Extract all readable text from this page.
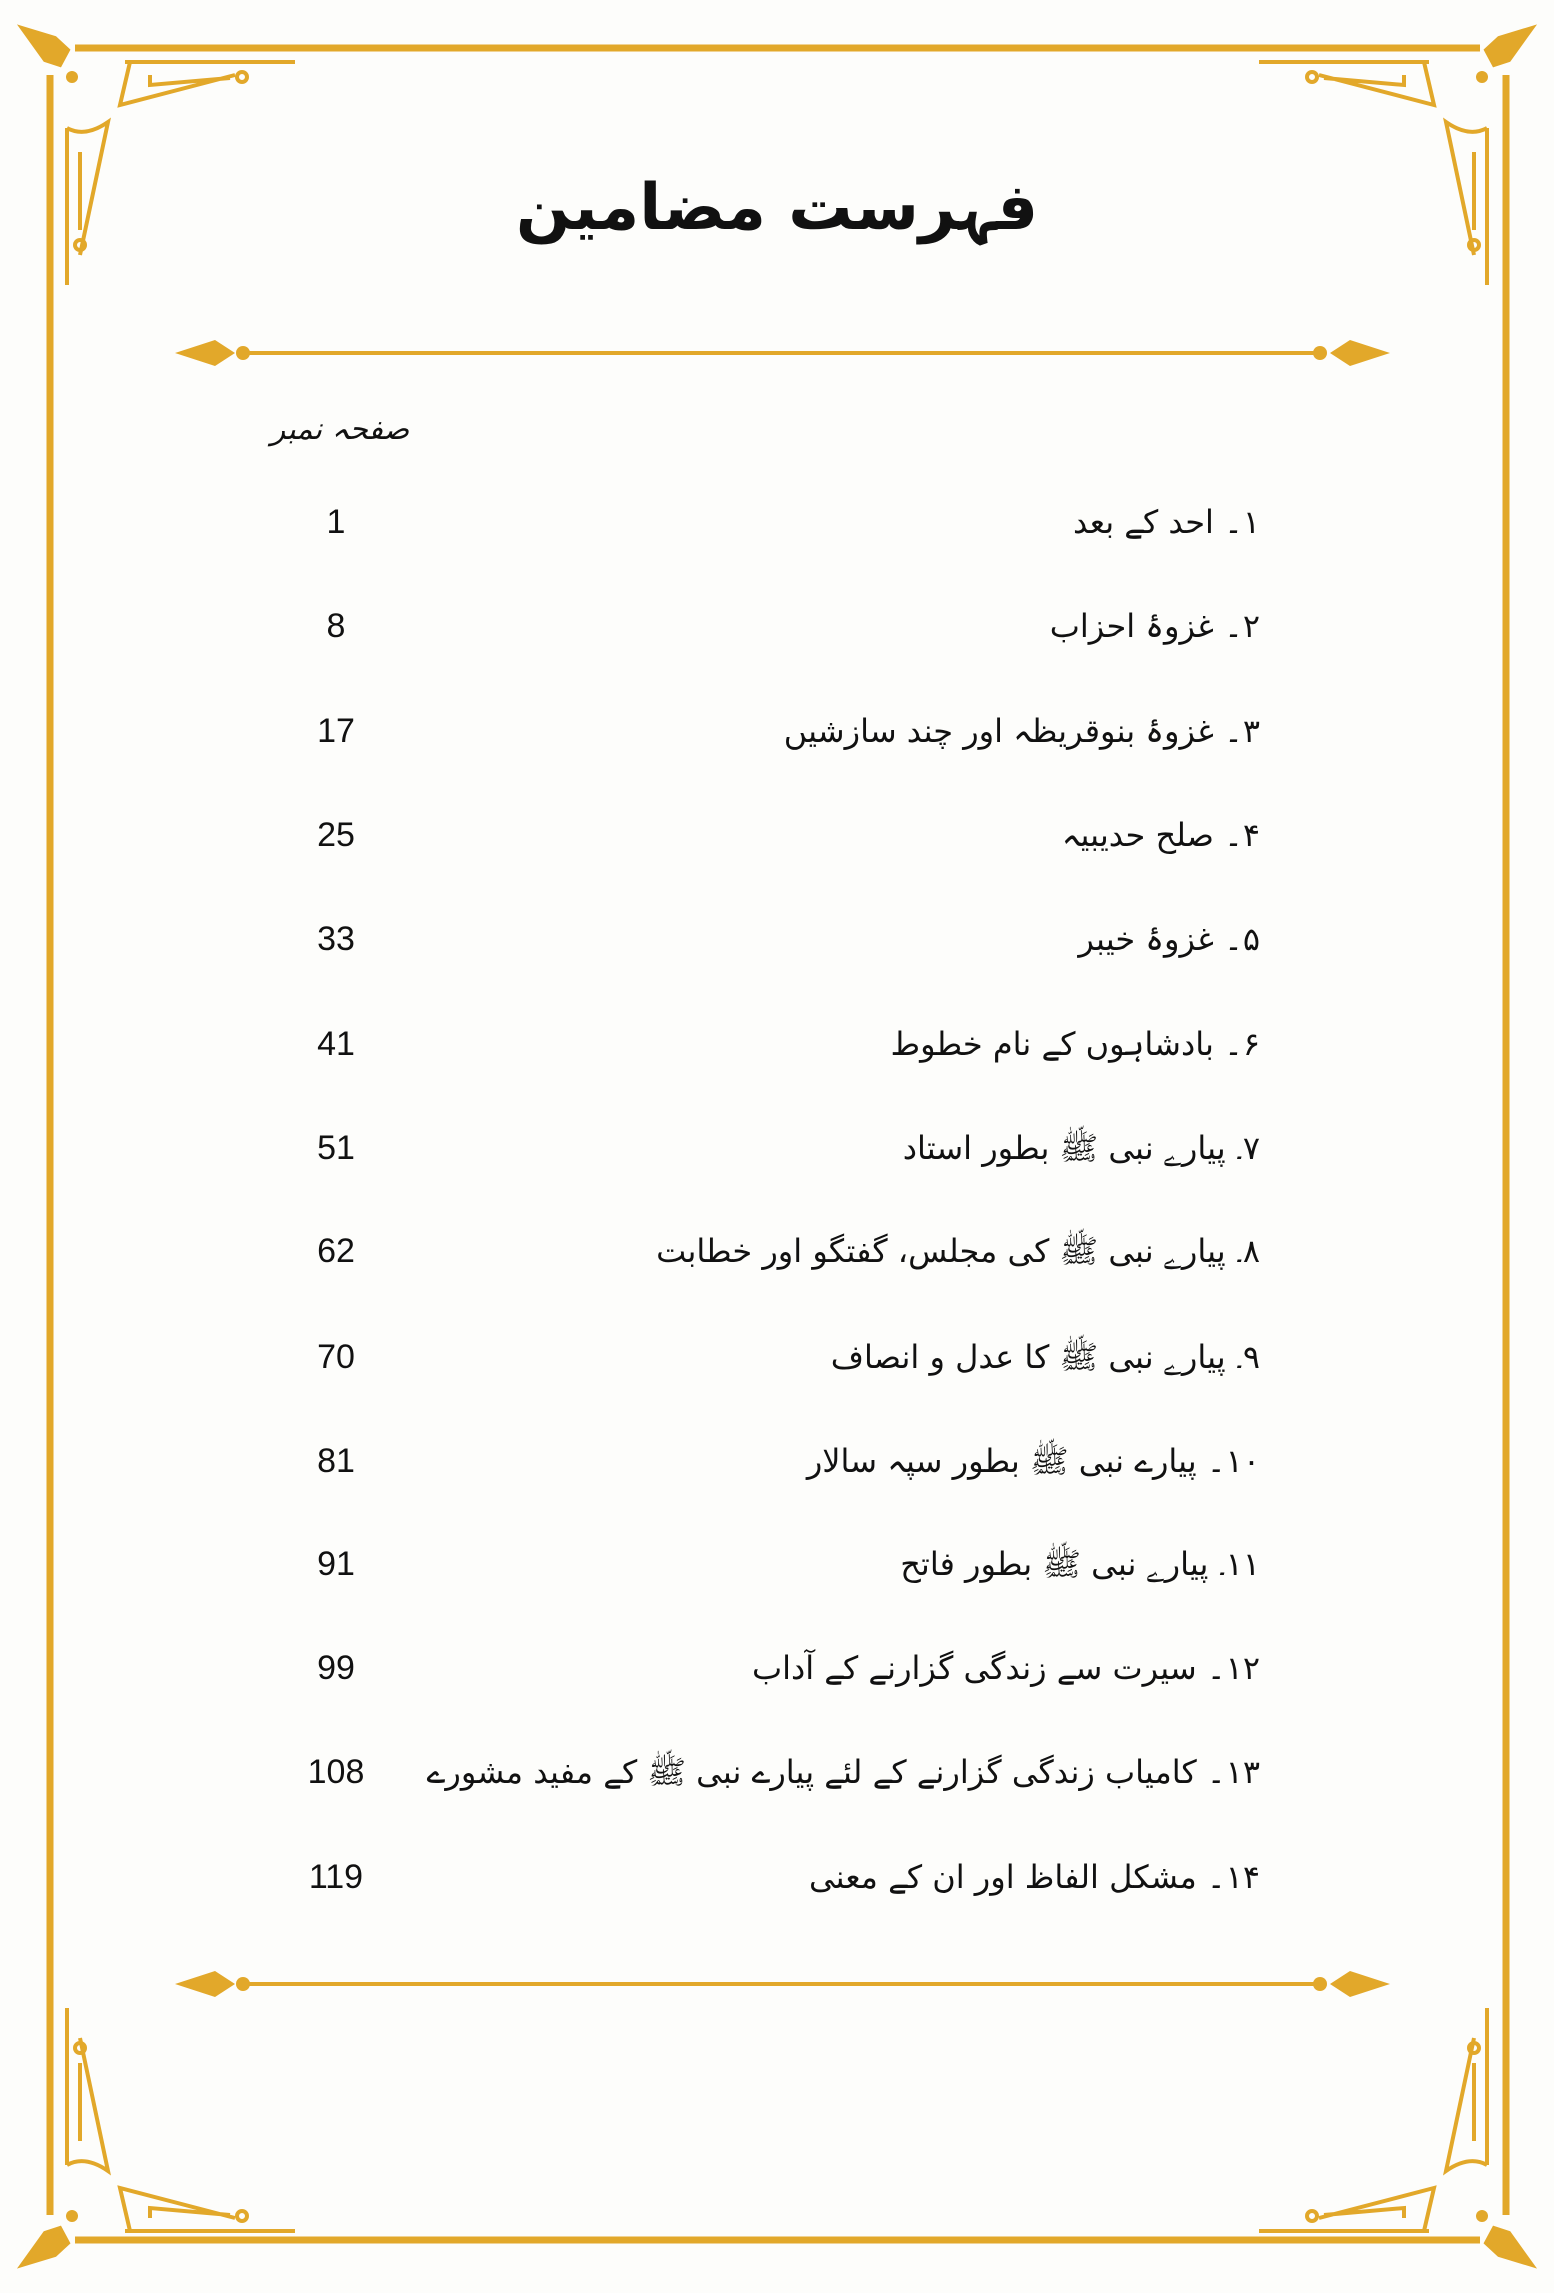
فہرست مضامین
صفحہ نمبر
۱۔ احد کے بعد
1
۲۔ غزوۂ احزاب
8
۳۔ غزوۂ بنوقریظہ اور چند سازشیں
17
۴۔ صلح حدیبیہ
25
۵۔ غزوۂ خیبر
33
۶۔ بادشاہوں کے نام خطوط
41
۷۔ پیارے نبی ﷺ بطور استاد
51
۸۔ پیارے نبی ﷺ کی مجلس، گفتگو اور خطابت
62
۹۔ پیارے نبی ﷺ کا عدل و انصاف
70
۱۰۔ پیارے نبی ﷺ بطور سپہ سالار
81
۱۱۔ پیارے نبی ﷺ بطور فاتح
91
۱۲۔ سیرت سے زندگی گزارنے کے آداب
99
۱۳۔ کامیاب زندگی گزارنے کے لئے پیارے نبی ﷺ کے مفید مشورے
108
۱۴۔ مشکل الفاظ اور ان کے معنی
119
